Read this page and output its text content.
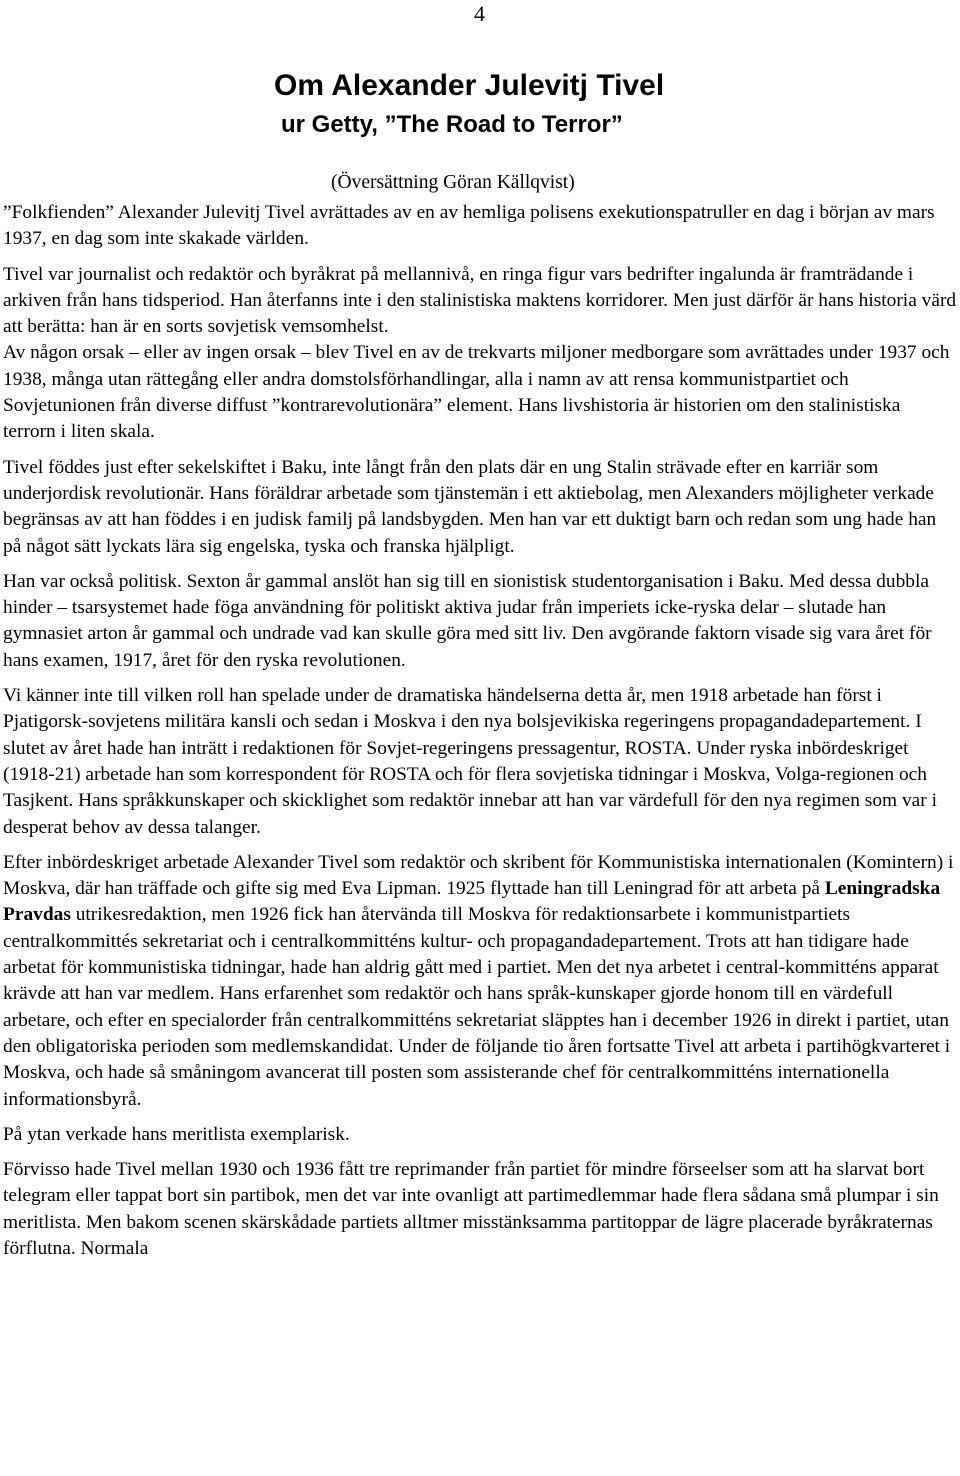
4
Om Alexander Julevitj Tivel
ur Getty, ”The Road to Terror”
(Översättning Göran Källqvist)

”Folkfienden” Alexander Julevitj Tivel avrättades av en av hemliga polisens exekutionspatruller en dag i början av mars 1937, en dag som inte skakade världen.

Tivel var journalist och redaktör och byråkrat på mellannivå, en ringa figur vars bedrifter ingalunda är framträdande i arkiven från hans tidsperiod. Han återfanns inte i den stalinistiska maktens korridorer. Men just därför är hans historia värd att berätta: han är en sorts sovjetisk vemsomhelst.

Av någon orsak – eller av ingen orsak – blev Tivel en av de trekvarts miljoner medborgare som avrättades under 1937 och 1938, många utan rättegång eller andra domstolsförhandlingar, alla i namn av att rensa kommunistpartiet och Sovjetunionen från diverse diffust ”kontrarevolutionära” element. Hans livshistoria är historien om den stalinistiska terrorn i liten skala.

Tivel föddes just efter sekelskiftet i Baku, inte långt från den plats där en ung Stalin strävade efter en karriär som underjordisk revolutionär. Hans föräldrar arbetade som tjänstemän i ett aktiebolag, men Alexanders möjligheter verkade begränsas av att han föddes i en judisk familj på landsbygden. Men han var ett duktigt barn och redan som ung hade han på något sätt lyckats lära sig engelska, tyska och franska hjälpligt.

Han var också politisk. Sexton år gammal anslöt han sig till en sionistisk studentorganisation i Baku. Med dessa dubbla hinder – tsarsystemet hade föga användning för politiskt aktiva judar från imperiets icke-ryska delar – slutade han gymnasiet arton år gammal och undrade vad kan skulle göra med sitt liv. Den avgörande faktorn visade sig vara året för hans examen, 1917, året för den ryska revolutionen.

Vi känner inte till vilken roll han spelade under de dramatiska händelserna detta år, men 1918 arbetade han först i Pjatigorsk-sovjetens militära kansli och sedan i Moskva i den nya bolsjevikiska regeringens propagandadepartement. I slutet av året hade han inträtt i redaktionen för Sovjet-regeringens pressagentur, ROSTA. Under ryska inbördeskriget (1918-21) arbetade han som korrespondent för ROSTA och för flera sovjetiska tidningar i Moskva, Volga-regionen och Tasjkent. Hans språkkunskaper och skicklighet som redaktör innebar att han var värdefull för den nya regimen som var i desperat behov av dessa talanger.

Efter inbördeskriget arbetade Alexander Tivel som redaktör och skribent för Kommunistiska internationalen (Komintern) i Moskva, där han träffade och gifte sig med Eva Lipman. 1925 flyttade han till Leningrad för att arbeta på Leningradska Pravdas utrikesredaktion, men 1926 fick han återvända till Moskva för redaktionsarbete i kommunistpartiets centralkommittés sekretariat och i centralkommitténs kultur- och propagandadepartement. Trots att han tidigare hade arbetat för kommunistiska tidningar, hade han aldrig gått med i partiet. Men det nya arbetet i central-kommitténs apparat krävde att han var medlem. Hans erfarenhet som redaktör och hans språk-kunskaper gjorde honom till en värdefull arbetare, och efter en specialorder från centralkommitténs sekretariat släpptes han i december 1926 in direkt i partiet, utan den obligatoriska perioden som medlemskandidat. Under de följande tio åren fortsatte Tivel att arbeta i partihögkvarteret i Moskva, och hade så småningom avancerat till posten som assisterande chef för centralkommitténs internationella informationsbyrå.

På ytan verkade hans meritlista exemplarisk.

Förvisso hade Tivel mellan 1930 och 1936 fått tre reprimander från partiet för mindre förseelser som att ha slarvat bort telegram eller tappat bort sin partibok, men det var inte ovanligt att partimedlemmar hade flera sådana små plumpar i sin meritlista. Men bakom scenen skärskådade partiets alltmer misstänksamma partitoppar de lägre placerade byråkraternas förflutna. Normala
